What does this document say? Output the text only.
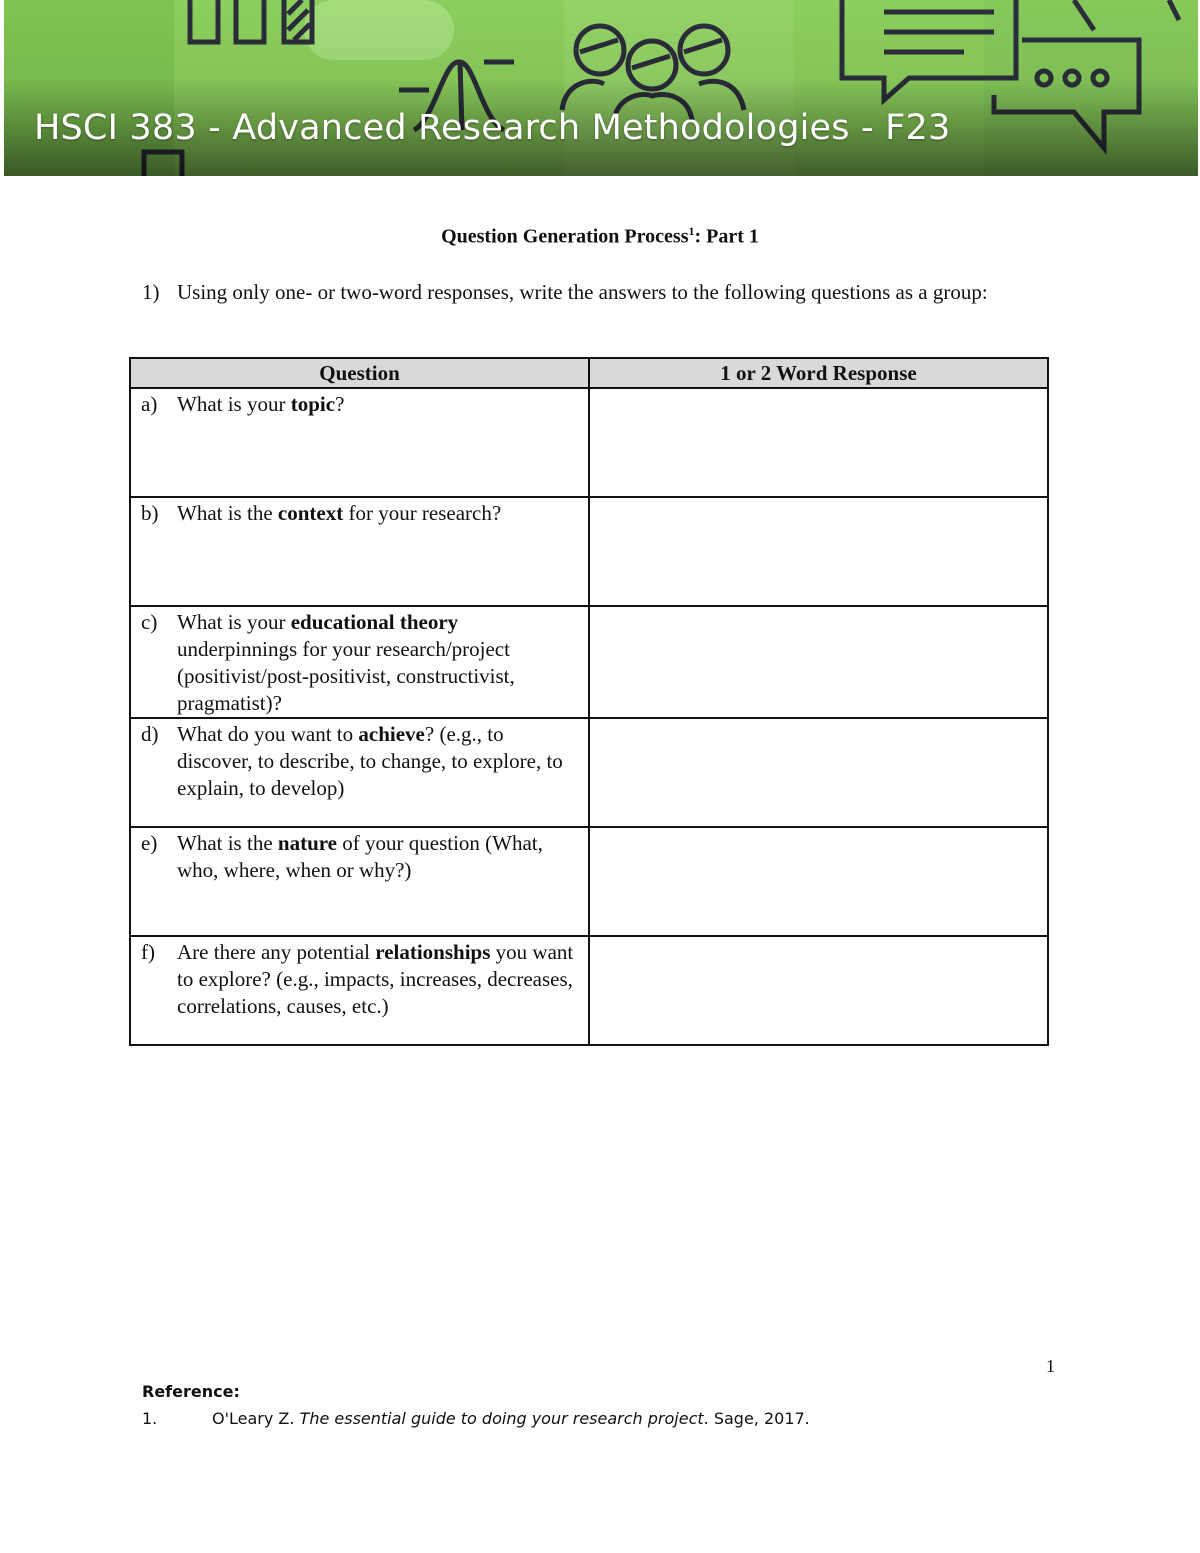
HSCI 383 - Advanced Research Methodologies - F23
Question Generation Process$^1$: Part 1
1) Using only one- or two-word responses, write the answers to the following questions as a group:
Question	1 or 2 Word Response

a) What is your topic?	

b) What is the context for your research?	

c) What is your educational theory underpinnings for your research/project (positivist/post-positivist, constructivist, pragmatist)?	

d) What do you want to achieve? (e.g., to discover, to describe, to change, to explore, to explain, to develop)	

e) What is the nature of your question (What, who, where, when or why?)	

f) Are there any potential relationships you want to explore? (e.g., impacts, increases, decreases, correlations, causes, etc.)	

1
Reference:
1.	O'Leary Z. The essential guide to doing your research project. Sage, 2017.
